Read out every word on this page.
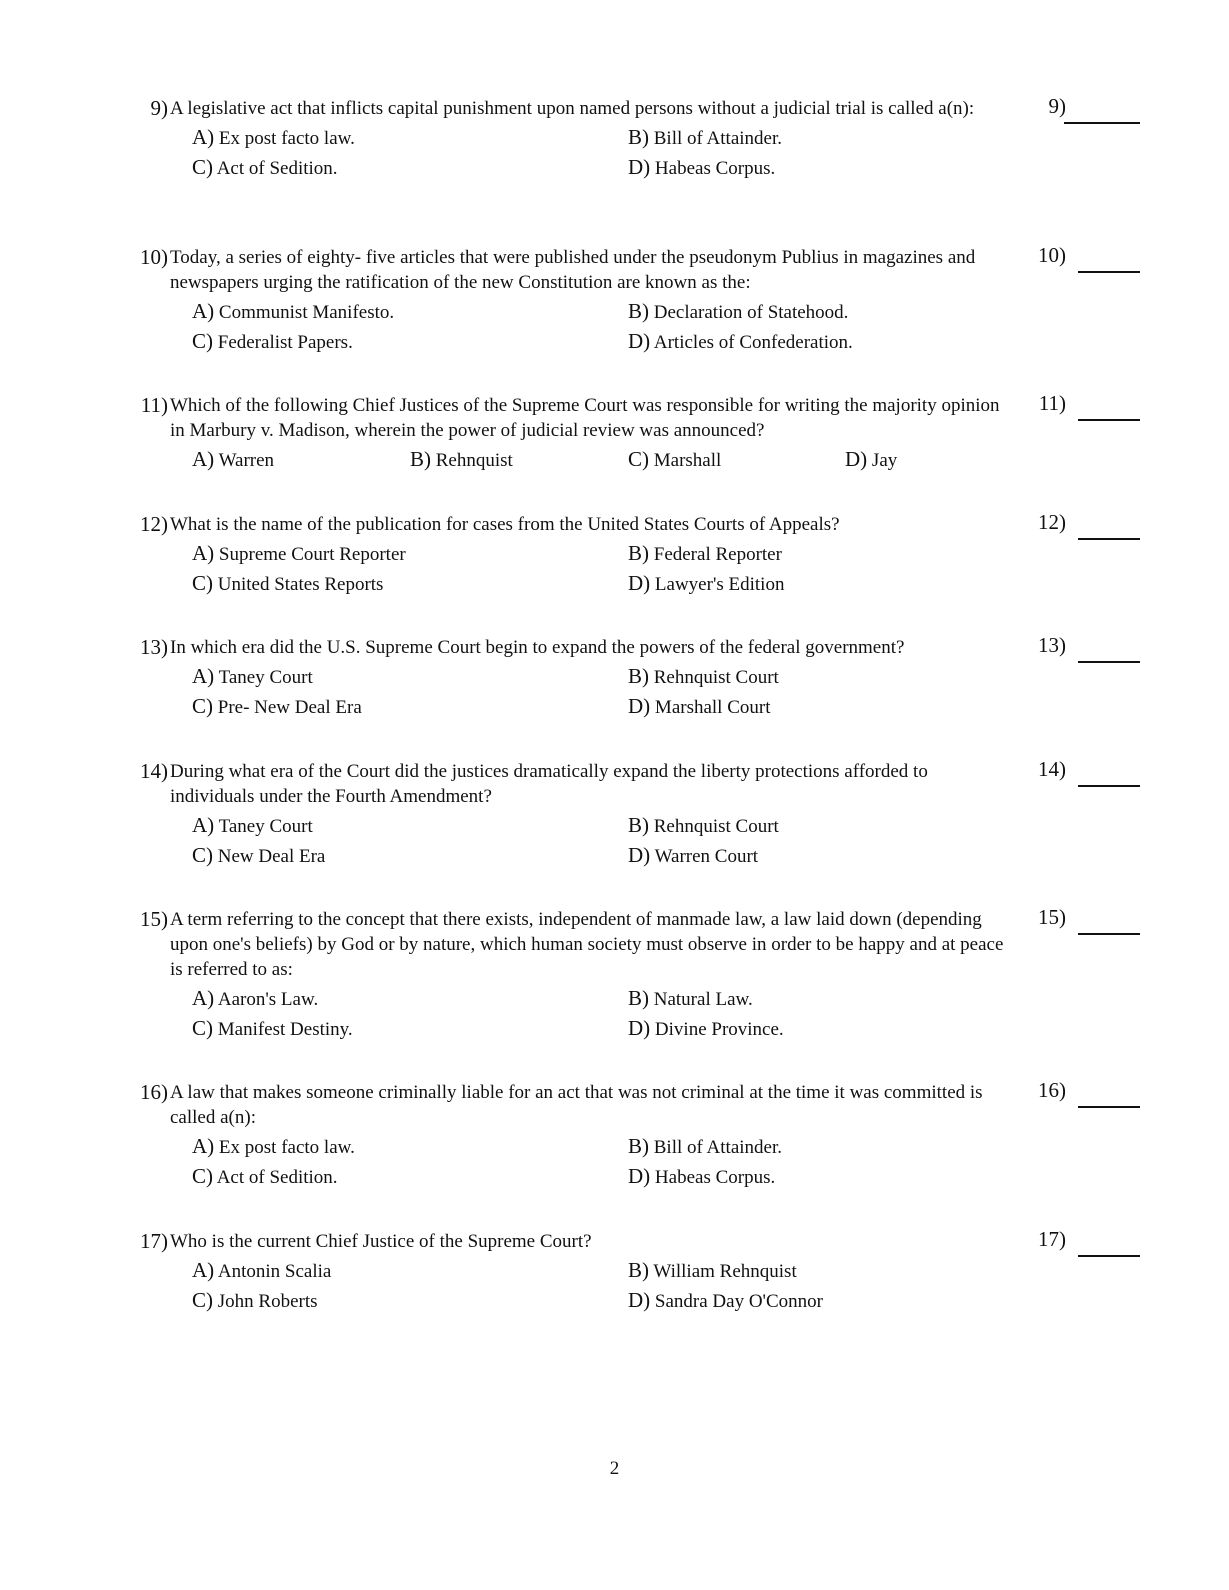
9) A legislative act that inflicts capital punishment upon named persons without a judicial trial is called a(n):	9)
A) Ex post facto law.	B) Bill of Attainder.
C) Act of Sedition.	D) Habeas Corpus.
10) Today, a series of eighty- five articles that were published under the pseudonym Publius in magazines and newspapers urging the ratification of the new Constitution are known as the:
10)
A) Communist Manifesto.	B) Declaration of Statehood.
C) Federalist Papers.	D) Articles of Confederation.
11) Which of the following Chief Justices of the Supreme Court was responsible for writing the majority opinion in Marbury v. Madison, wherein the power of judicial review was announced?
11)
A) Warren	B) Rehnquist	C) Marshall	D) Jay
12) What is the name of the publication for cases from the United States Courts of Appeals?	12)
A) Supreme Court Reporter	B) Federal Reporter
C) United States Reports	D) Lawyer's Edition
13) In which era did the U.S. Supreme Court begin to expand the powers of the federal government?	13)
A) Taney Court	B) Rehnquist Court
C) Pre- New Deal Era	D) Marshall Court
14) During what era of the Court did the justices dramatically expand the liberty protections afforded to individuals under the Fourth Amendment?
14)
A) Taney Court	B) Rehnquist Court
C) New Deal Era	D) Warren Court
15) A term referring to the concept that there exists, independent of manmade law, a law laid down (depending upon one's beliefs) by God or by nature, which human society must observe in order to be happy and at peace is referred to as:
15)
A) Aaron's Law.	B) Natural Law.
C) Manifest Destiny.	D) Divine Province.
16) A law that makes someone criminally liable for an act that was not criminal at the time it was committed is called a(n):
16)
A) Ex post facto law.	B) Bill of Attainder.
C) Act of Sedition.	D) Habeas Corpus.
17) Who is the current Chief Justice of the Supreme Court?	17)
A) Antonin Scalia	B) William Rehnquist
C) John Roberts	D) Sandra Day O'Connor
2
